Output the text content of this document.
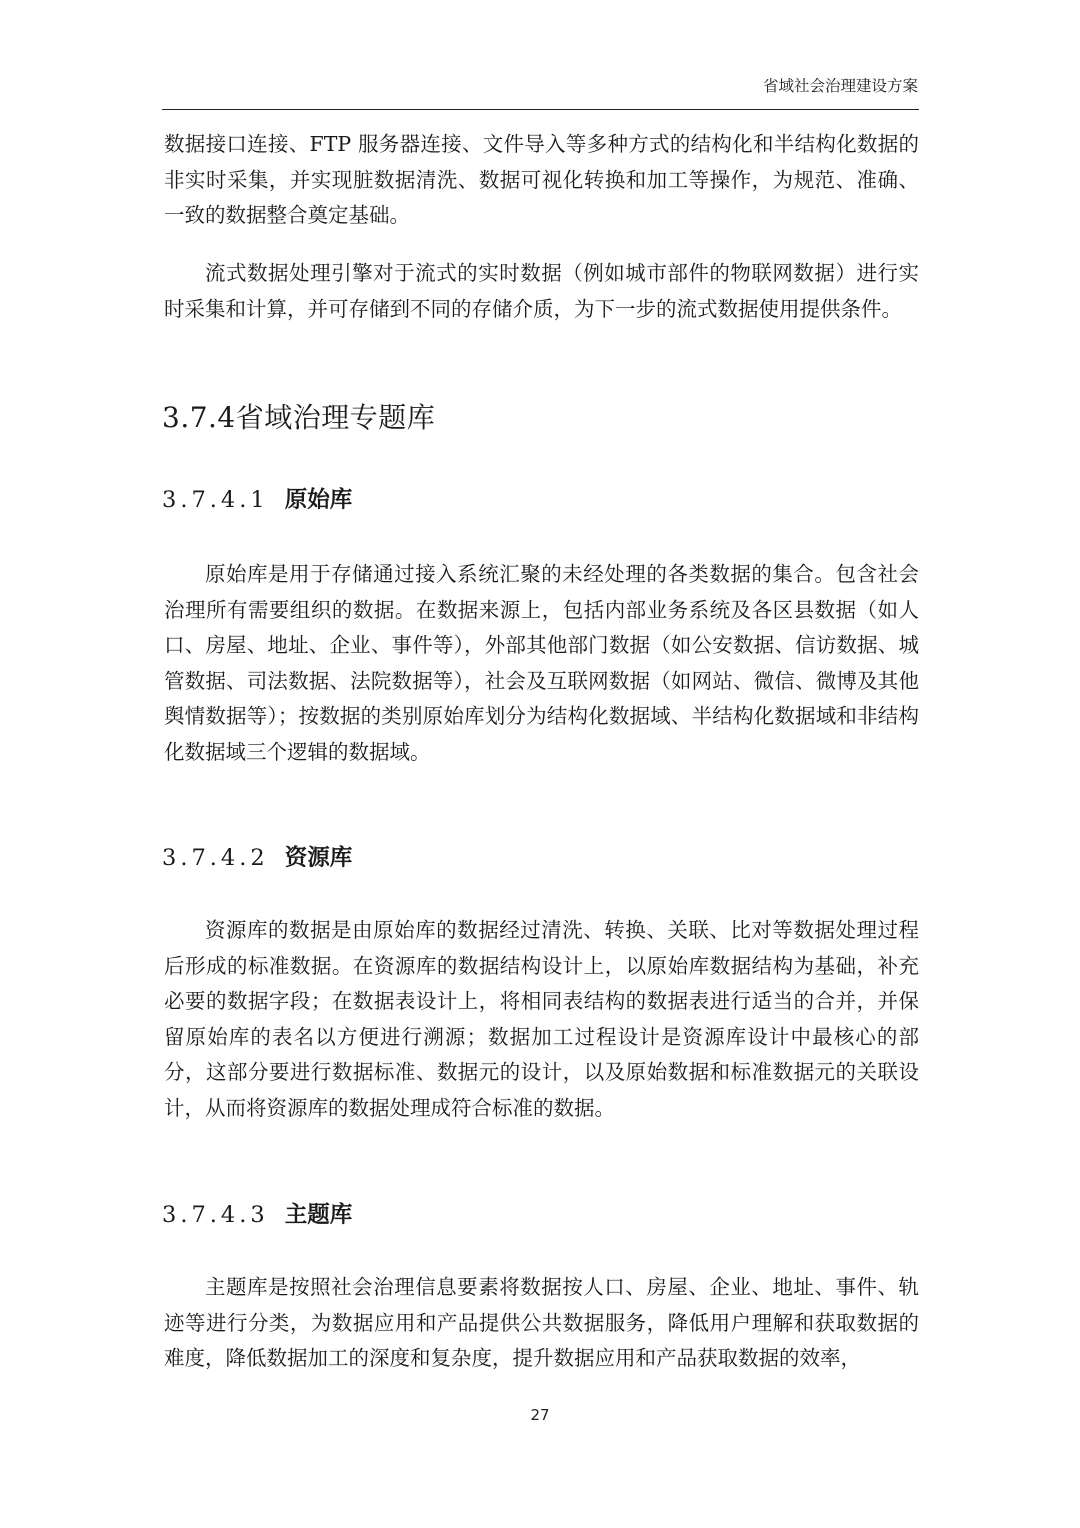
省域社会治理建设方案

数据接口连接、FTP 服务器连接、文件导入等多种方式的结构化和半结构化数据的非实时采集，并实现脏数据清洗、数据可视化转换和加工等操作，为规范、准确、一致的数据整合奠定基础。

流式数据处理引擎对于流式的实时数据（例如城市部件的物联网数据）进行实时采集和计算，并可存储到不同的存储介质，为下一步的流式数据使用提供条件。

3.7.4省域治理专题库
3.7.4.1 原始库

原始库是用于存储通过接入系统汇聚的未经处理的各类数据的集合。包含社会治理所有需要组织的数据。在数据来源上，包括内部业务系统及各区县数据（如人口、房屋、地址、企业、事件等），外部其他部门数据（如公安数据、信访数据、城管数据、司法数据、法院数据等），社会及互联网数据（如网站、微信、微博及其他舆情数据等）；按数据的类别原始库划分为结构化数据域、半结构化数据域和非结构化数据域三个逻辑的数据域。

3.7.4.2 资源库

资源库的数据是由原始库的数据经过清洗、转换、关联、比对等数据处理过程后形成的标准数据。在资源库的数据结构设计上，以原始库数据结构为基础，补充必要的数据字段；在数据表设计上，将相同表结构的数据表进行适当的合并，并保留原始库的表名以方便进行溯源；数据加工过程设计是资源库设计中最核心的部分，这部分要进行数据标准、数据元的设计，以及原始数据和标准数据元的关联设计，从而将资源库的数据处理成符合标准的数据。

3.7.4.3 主题库

主题库是按照社会治理信息要素将数据按人口、房屋、企业、地址、事件、轨迹等进行分类，为数据应用和产品提供公共数据服务，降低用户理解和获取数据的难度，降低数据加工的深度和复杂度，提升数据应用和产品获取数据的效率，

27
